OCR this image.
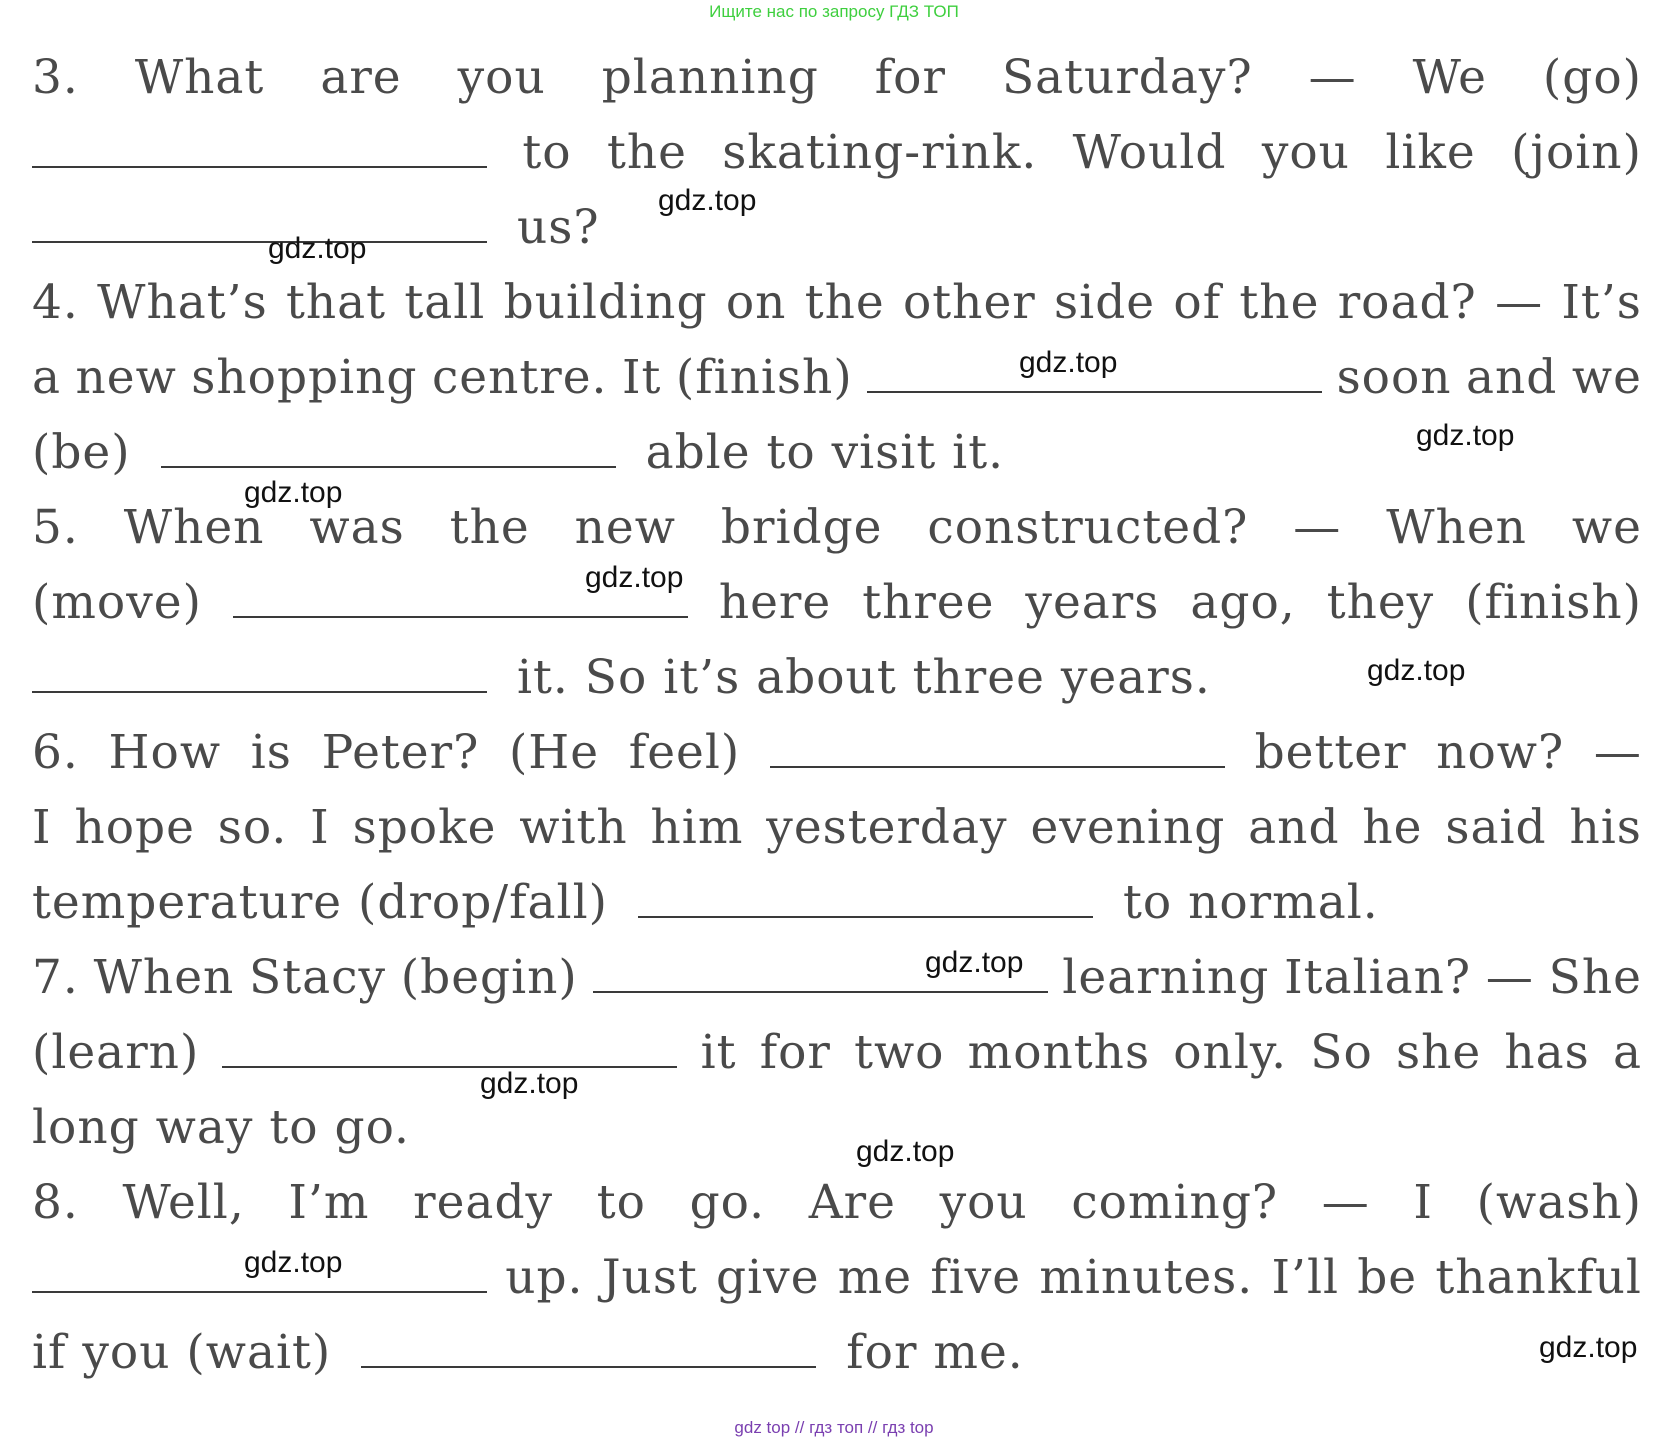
Ищите нас по запросу ГДЗ ТОП
3. What are you planning for Saturday? — We (go)
to the skating-rink. Would you like (join)
us?
4. What’s that tall building on the other side of the road? — It’s
a new shopping centre. It (finish)	soon and we
(be)	able to visit it.
5. When was the new bridge constructed? — When we
(move)	here three years ago, they (finish)
it. So it’s about three years.
6. How is Peter? (He feel)	better now? —
I hope so. I spoke with him yesterday evening and he said his
temperature (drop/fall)	to normal.
7. When Stacy (begin)	learning Italian? — She
(learn)	it for two months only. So she has a
long way to go.
8. Well, I’m ready to go. Are you coming? — I (wash)
up. Just give me five minutes. I’ll be thankful
if you (wait)	for me.
gdz.top
gdz.top
gdz.top
gdz.top
gdz.top
gdz.top
gdz.top
gdz.top
gdz.top
gdz.top
gdz.top
gdz.top
gdz top // гдз топ // гдз top
